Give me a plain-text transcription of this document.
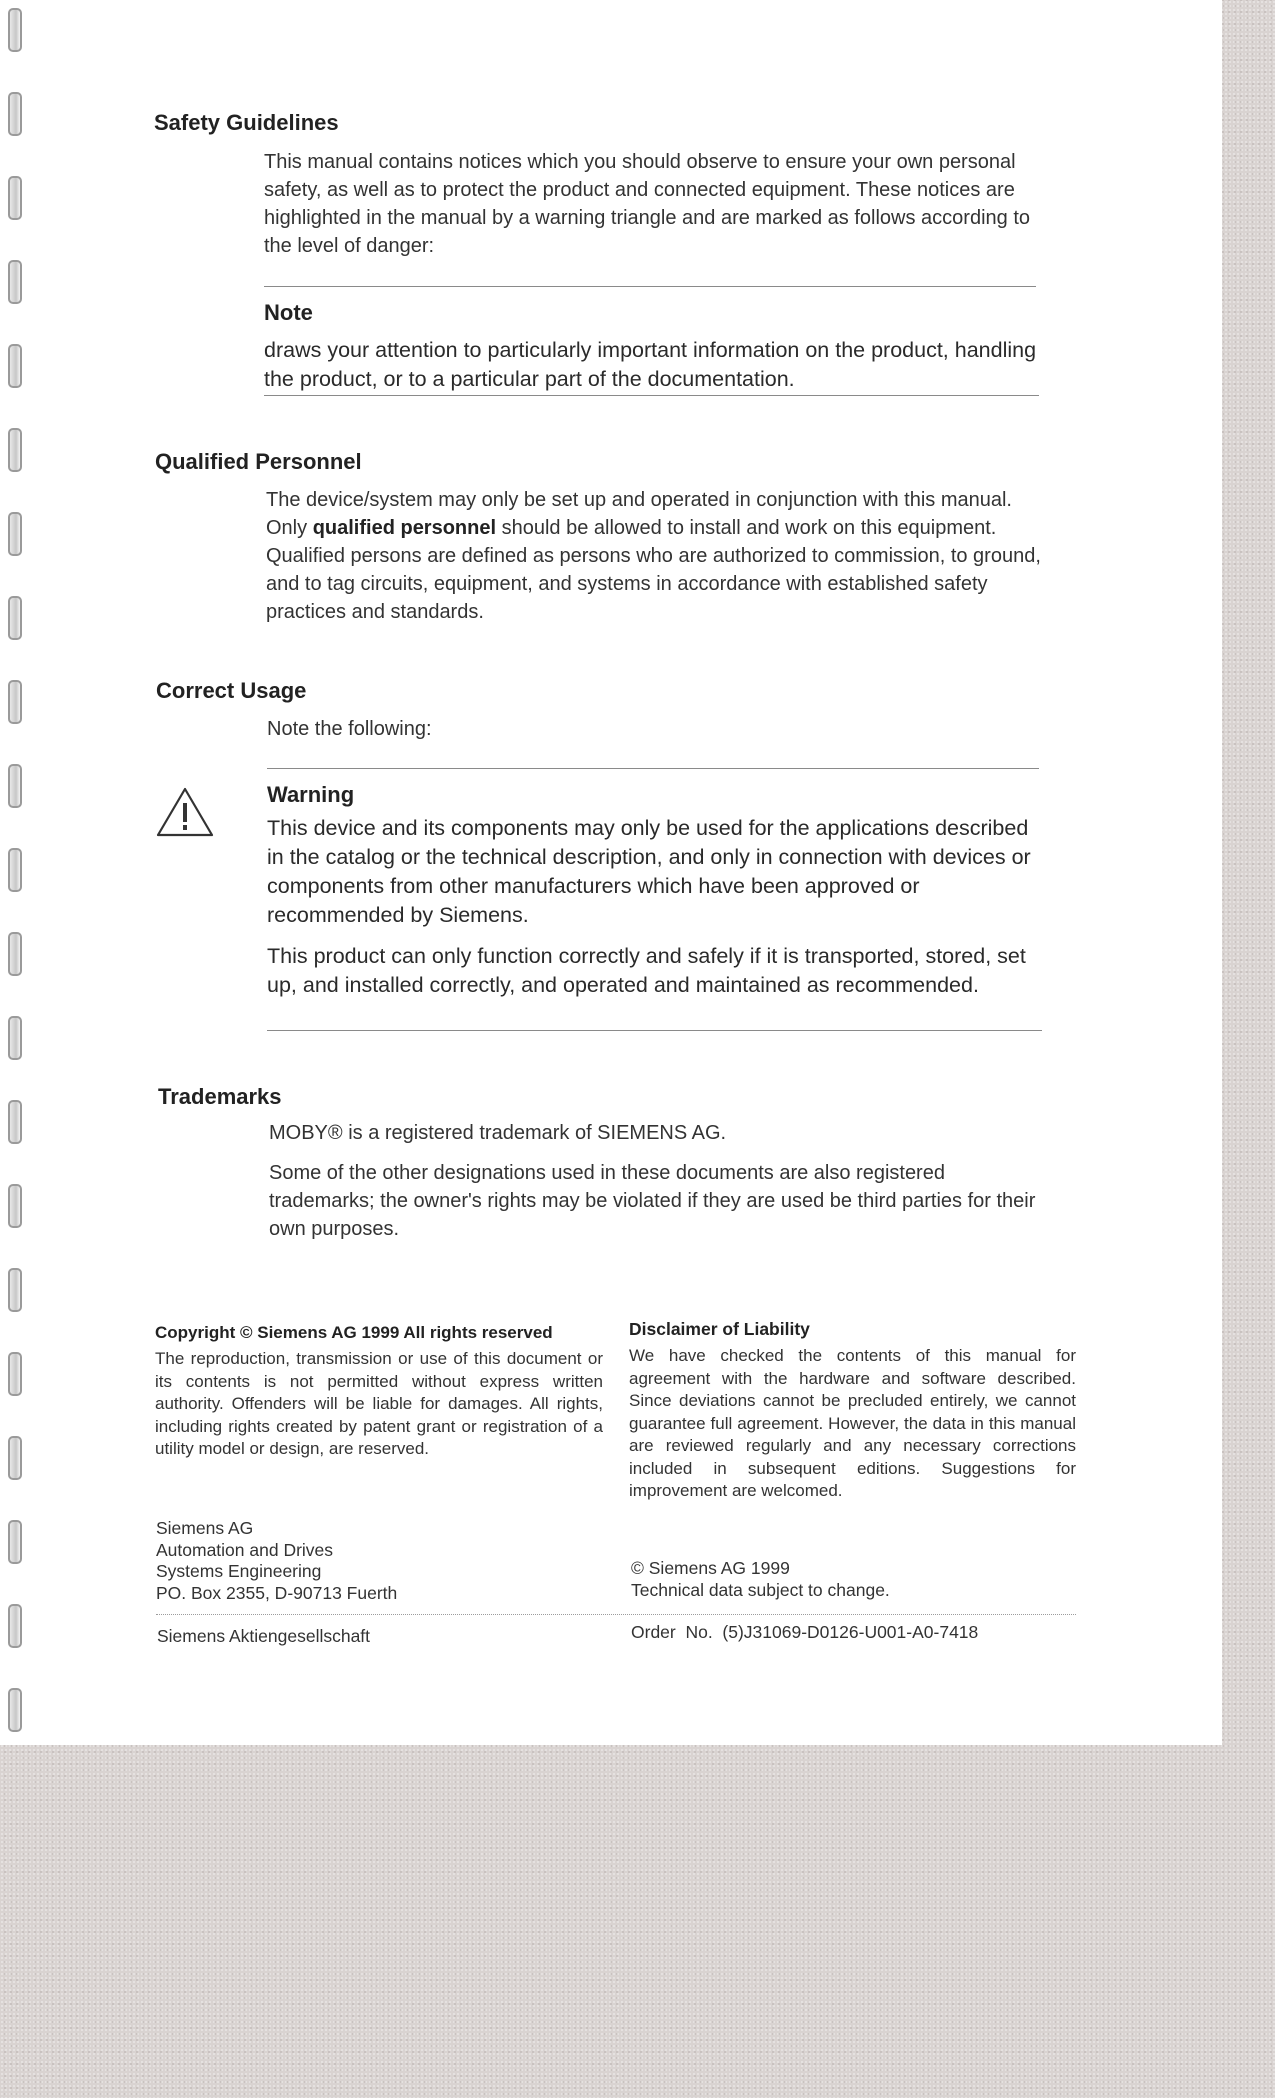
Safety Guidelines
This manual contains notices which you should observe to ensure your own personal safety, as well as to protect the product and connected equipment. These notices are highlighted in the manual by a warning triangle and are marked as follows according to the level of danger:
Note
draws your attention to particularly important information on the product, handling the product, or to a particular part of the documentation.
Qualified Personnel
The device/system may only be set up and operated in conjunction with this manual.
Only qualified personnel should be allowed to install and work on this equipment. Qualified persons are defined as persons who are authorized to commission, to ground, and to tag circuits, equipment, and systems in accordance with established safety practices and standards.
Correct Usage
Note the following:
Warning

This device and its components may only be used for the applications described in the catalog or the technical description, and only in connection with devices or components from other manufacturers which have been approved or recommended by Siemens.

This product can only function correctly and safely if it is transported, stored, set up, and installed correctly, and operated and maintained as recommended.

Trademarks

MOBY® is a registered trademark of SIEMENS AG.

Some of the other designations used in these documents are also registered trademarks; the owner's rights may be violated if they are used be third parties for their own purposes.

Copyright © Siemens AG 1999 All rights reserved
The reproduction, transmission or use of this document or its contents is not permitted without express written authority. Offenders will be liable for damages. All rights, including rights created by patent grant or registration of a utility model or design, are reserved.
Disclaimer of Liability
We have checked the contents of this manual for agreement with the hardware and software described. Since deviations cannot be precluded entirely, we cannot guarantee full agreement. However, the data in this manual are reviewed regularly and any necessary corrections included in subsequent editions. Suggestions for improvement are welcomed.
Siemens AG
Automation and Drives
Systems Engineering
PO. Box 2355, D-90713 Fuerth
© Siemens AG 1999
Technical data subject to change.
Siemens Aktiengesellschaft	Order  No.  (5)J31069-D0126-U001-A0-7418
